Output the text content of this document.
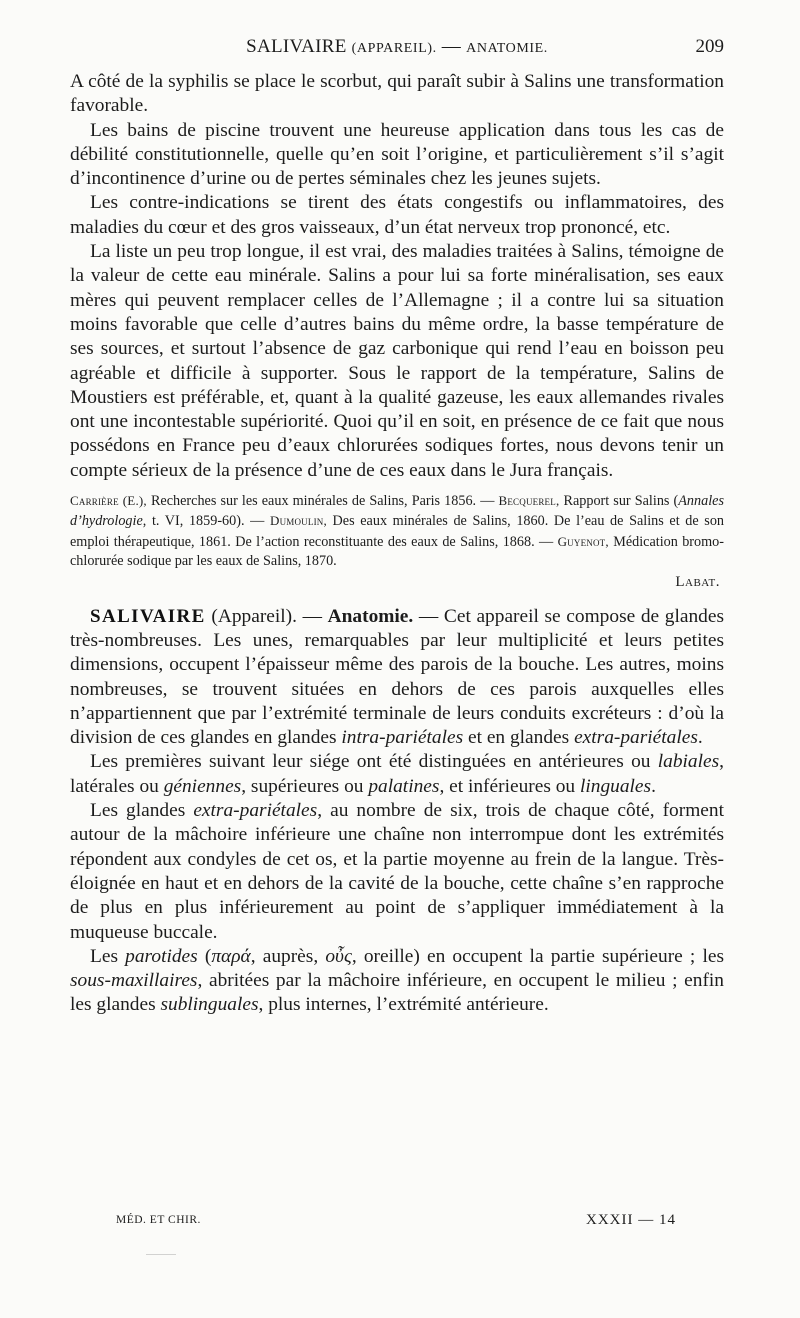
SALIVAIRE (APPAREIL). — ANATOMIE.	209

A côté de la syphilis se place le scorbut, qui paraît subir à Salins une transformation favorable.

Les bains de piscine trouvent une heureuse application dans tous les cas de débilité constitutionnelle, quelle qu’en soit l’origine, et particulièrement s’il s’agit d’incontinence d’urine ou de pertes séminales chez les jeunes sujets.

Les contre-indications se tirent des états congestifs ou inflammatoires, des maladies du cœur et des gros vaisseaux, d’un état nerveux trop prononcé, etc.

La liste un peu trop longue, il est vrai, des maladies traitées à Salins, témoigne de la valeur de cette eau minérale. Salins a pour lui sa forte minéralisation, ses eaux mères qui peuvent remplacer celles de l’Allemagne ; il a contre lui sa situation moins favorable que celle d’autres bains du même ordre, la basse température de ses sources, et surtout l’absence de gaz carbonique qui rend l’eau en boisson peu agréable et difficile à supporter. Sous le rapport de la température, Salins de Moustiers est préférable, et, quant à la qualité gazeuse, les eaux allemandes rivales ont une incontestable supériorité. Quoi qu’il en soit, en présence de ce fait que nous possédons en France peu d’eaux chlorurées sodiques fortes, nous devons tenir un compte sérieux de la présence d’une de ces eaux dans le Jura français.

Carrière (E.), Recherches sur les eaux minérales de Salins, Paris 1856. — Becquerel, Rapport sur Salins (Annales d’hydrologie, t. VI, 1859-60). — Dumoulin, Des eaux minérales de Salins, 1860. De l’eau de Salins et de son emploi thérapeutique, 1861. De l’action reconstituante des eaux de Salins, 1868. — Guyenot, Médication bromo-chlorurée sodique par les eaux de Salins, 1870.

Labat.

SALIVAIRE (Appareil). — Anatomie. — Cet appareil se compose de glandes très-nombreuses. Les unes, remarquables par leur multiplicité et leurs petites dimensions, occupent l’épaisseur même des parois de la bouche. Les autres, moins nombreuses, se trouvent situées en dehors de ces parois auxquelles elles n’appartiennent que par l’extrémité terminale de leurs conduits excréteurs : d’où la division de ces glandes en glandes intra-pariétales et en glandes extra-pariétales.

Les premières suivant leur siége ont été distinguées en antérieures ou labiales, latérales ou géniennes, supérieures ou palatines, et inférieures ou linguales.

Les glandes extra-pariétales, au nombre de six, trois de chaque côté, forment autour de la mâchoire inférieure une chaîne non interrompue dont les extrémités répondent aux condyles de cet os, et la partie moyenne au frein de la langue. Très-éloignée en haut et en dehors de la cavité de la bouche, cette chaîne s’en rapproche de plus en plus inférieurement au point de s’appliquer immédiatement à la muqueuse buccale.

Les parotides (παρά, auprès, οὖς, oreille) en occupent la partie supérieure ; les sous-maxillaires, abritées par la mâchoire inférieure, en occupent le milieu ; enfin les glandes sublinguales, plus internes, l’extrémité antérieure.

MÉD. ET CHIR.	XXXII — 14
